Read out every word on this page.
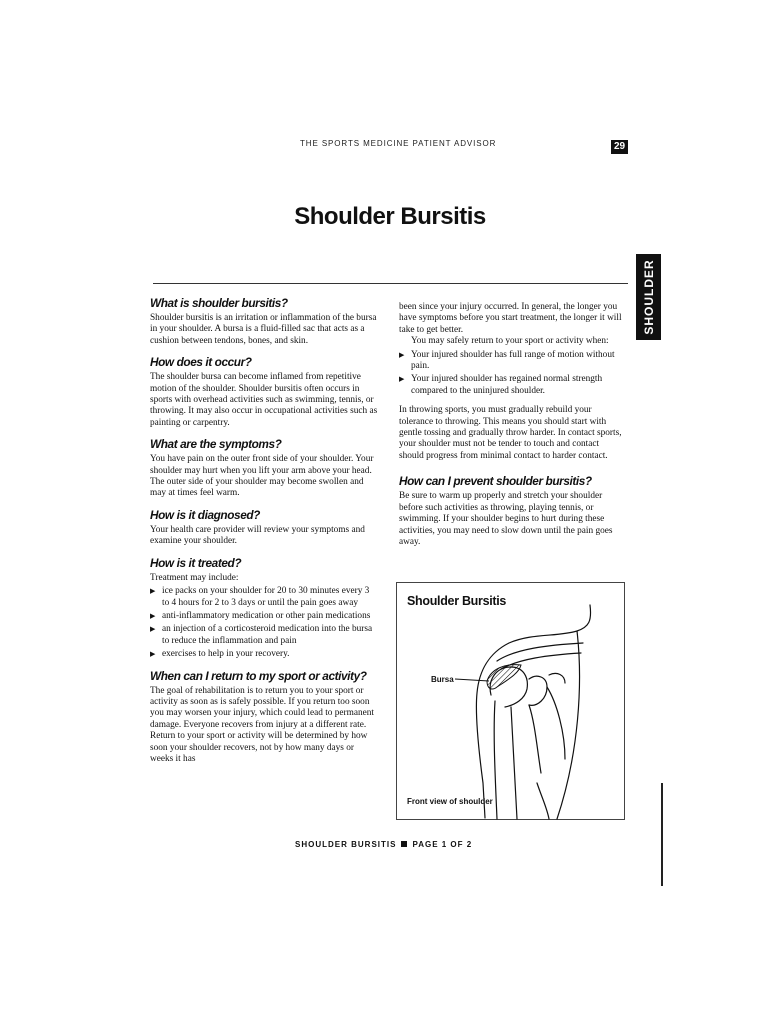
THE SPORTS MEDICINE PATIENT ADVISOR	29
Shoulder Bursitis
SHOULDER
What is shoulder bursitis?

Shoulder bursitis is an irritation or inflammation of the bursa in your shoulder. A bursa is a fluid-filled sac that acts as a cushion between tendons, bones, and skin.

How does it occur?

The shoulder bursa can become inflamed from repetitive motion of the shoulder. Shoulder bursitis often occurs in sports with overhead activities such as swimming, tennis, or throwing. It may also occur in occupational activities such as painting or carpentry.

What are the symptoms?

You have pain on the outer front side of your shoulder. Your shoulder may hurt when you lift your arm above your head. The outer side of your shoulder may become swollen and may at times feel warm.

How is it diagnosed?

Your health care provider will review your symptoms and examine your shoulder.

How is it treated?

Treatment may include:

▶ ice packs on your shoulder for 20 to 30 minutes every 3 to 4 hours for 2 to 3 days or until the pain goes away
▶ anti-inflammatory medication or other pain medications
▶ an injection of a corticosteroid medication into the bursa to reduce the inflammation and pain
▶ exercises to help in your recovery.
When can I return to my sport or activity?

The goal of rehabilitation is to return you to your sport or activity as soon as is safely possible. If you return too soon you may worsen your injury, which could lead to permanent damage. Everyone recovers from injury at a different rate. Return to your sport or activity will be determined by how soon your shoulder recovers, not by how many days or weeks it has

been since your injury occurred. In general, the longer you have symptoms before you start treatment, the longer it will take to get better.

You may safely return to your sport or activity when:

▶ Your injured shoulder has full range of motion without pain.
▶ Your injured shoulder has regained normal strength compared to the uninjured shoulder.

In throwing sports, you must gradually rebuild your tolerance to throwing. This means you should start with gentle tossing and gradually throw harder. In contact sports, your shoulder must not be tender to touch and contact should progress from minimal contact to harder contact.

How can I prevent shoulder bursitis?

Be sure to warm up properly and stretch your shoulder before such activities as throwing, playing tennis, or swimming. If your shoulder begins to hurt during these activities, you may need to slow down until the pain goes away.

Shoulder Bursitis
Bursa
Front view of shoulder
SHOULDER BURSITIS PAGE 1 OF 2
